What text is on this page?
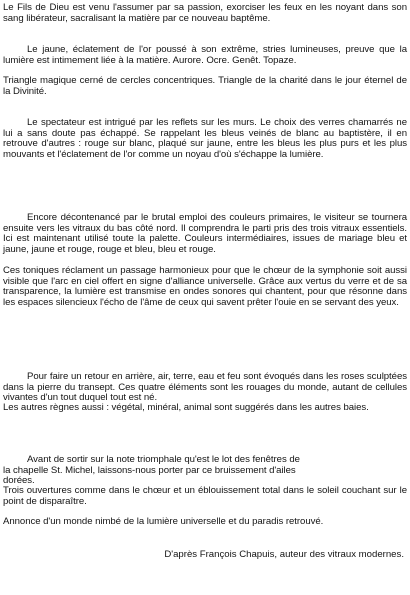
Le Fils de Dieu est venu l'assumer par sa passion, exorciser les feux en les noyant dans son sang libérateur, sacralisant la matière par ce nouveau baptême.

Le jaune, éclatement de l'or poussé à son extrême, stries lumineuses, preuve que la lumière est intimement liée à la matière. Aurore. Ocre. Genêt. Topaze.

Triangle magique cerné de cercles concentriques. Triangle de la charité dans le jour éternel de la Divinité.

Le spectateur est intrigué par les reflets sur les murs. Le choix des verres chamarrés ne lui a sans doute pas échappé. Se rappelant les bleus veinés de blanc au baptistère, il en retrouve d'autres : rouge sur blanc, plaqué sur jaune, entre les bleus les plus purs et les plus mouvants et l'éclatement de l'or comme un noyau d'où s'échappe la lumière.

Encore décontenancé par le brutal emploi des couleurs primaires, le visiteur se tournera ensuite vers les vitraux du bas côté nord. Il comprendra le parti pris des trois vitraux essentiels. Ici est maintenant utilisé toute la palette. Couleurs intermédiaires, issues de mariage bleu et jaune, jaune et rouge, rouge et bleu, bleu et rouge.

Ces toniques réclament un passage harmonieux pour que le chœur de la symphonie soit aussi visible que l'arc en ciel offert en signe d'alliance universelle. Grâce aux vertus du verre et de sa transparence, la lumière est transmise en ondes sonores qui chantent, pour que résonne dans les espaces silencieux l'écho de l'âme de ceux qui savent prêter l'ouie en se servant des yeux.

Pour faire un retour en arrière, air, terre, eau et feu sont évoqués dans les roses sculptées dans la pierre du transept. Ces quatre éléments sont les rouages du monde, autant de cellules vivantes d'un tout duquel tout est né.

Les autres règnes aussi : végétal, minéral, animal sont suggérés dans les autres baies.

Avant de sortir sur la note triomphale qu'est le lot des fenêtres de la chapelle St. Michel, laissons-nous porter par ce bruissement d'ailes dorées.

Trois ouvertures comme dans le chœur et un éblouissement total dans le soleil couchant sur le point de disparaître.

Annonce d'un monde nimbé de la lumière universelle et du paradis retrouvé.

D'après François Chapuis, auteur des vitraux modernes.
